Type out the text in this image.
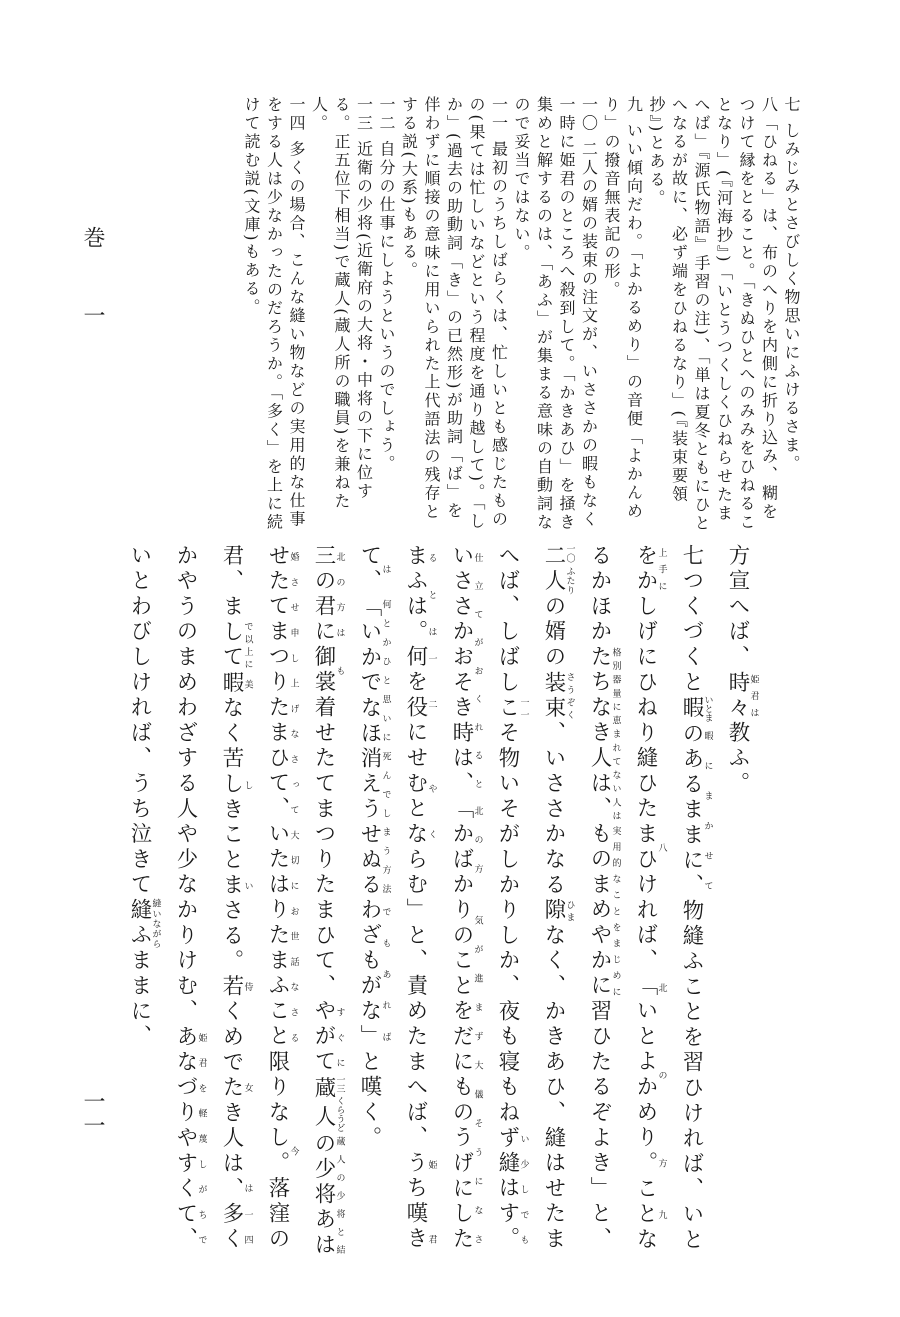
巻一
一一

七 しみじみとさびしく物思いにふけるさま。

八「ひねる」は、布のへりを内側に折り込み、糊をつけて縁をとること。「きぬひとへのみみをひねることなり」(『河海抄』)「いとうつくしくひねらせたまへば」『源氏物語』手習の注)、「単は夏冬ともにひとへなるが故に、必ず端をひねるなり」(『装束要領抄』)とある。

九 いい傾向だわ。「よかるめり」の音便「よかんめり」の撥音無表記の形。

一〇 二人の婿の装束の注文が、いささかの暇もなく一時に姫君のところへ殺到して。「かきあひ」を掻き集めと解するのは、「あふ」が集まる意味の自動詞なので妥当ではない。

一一 最初のうちしばらくは、忙しいとも感じたものの(果ては忙しいなどという程度を通り越して)。「しか」(過去の助動詞「き」の已然形)が助詞「ば」を伴わずに順接の意味に用いられた上代語法の残存とする説(大系)もある。

一二 自分の仕事にしようというのでしょう。

一三 近衛の少将(近衛府の大将・中将の下に位する。正五位下相当)で蔵人(蔵人所の職員)を兼ねた人。

一四 多くの場合、こんな縫い物などの実用的な仕事をする人は少なかったのだろうか。「多く」を上に続けて読む説(文庫)もある。

方宣へば、時々姫君は教ふ。

七つくづくと暇いとまのあるままに、暇にまかせて物縫ふことを習ひければ、いとをか上手にしげにひねり縫ひたまひければ、八「いとよかめり。北の方ことなるかほか九たちなき人は、格別器量に恵まれてない人はものまめやかに実用的なことをまじめに習ひたるぞよき」と、二人一〇 ふたりの婿の装束さうぞく、いささかなる隙ひまなく、かきあひ、縫はせたまへば、しばしこ一一そ物いそがしかりしか、夜も寝もねずい縫はす。いささかおそき時は、少しでも仕立てがおくれると「かばかりのことをだにものうげにしたまふは。北の方 気が進まず大儀そうになさるとは何を役にせむとな一二 やくらむ」と、責めたまへば、うち嘆きて、姫君は「いかでなほ消えうせぬる何とかひと思いに死んでしまう方法わざもがな」でもあればと嘆く。

三の君に北の方は御裳も着せたてまつりたまひて、やがてすぐに蔵人一三 くらうどの少将あはせ蔵人の少将と結婚たてまつりたまひて、させ申し上げなさっていたはりたまふこと大切にお世話なさる限りなし。落窪の君、ま今してで以上に暇なく苦しきことまさる。若くめでたき人は、美しい侍女は多く一四かやうのまめわざする人や少なかりけむ、あなづりやすくて、姫君を軽蔑しがちでいとわびしければ、うち泣きて縫ふ縫いながらままに、
